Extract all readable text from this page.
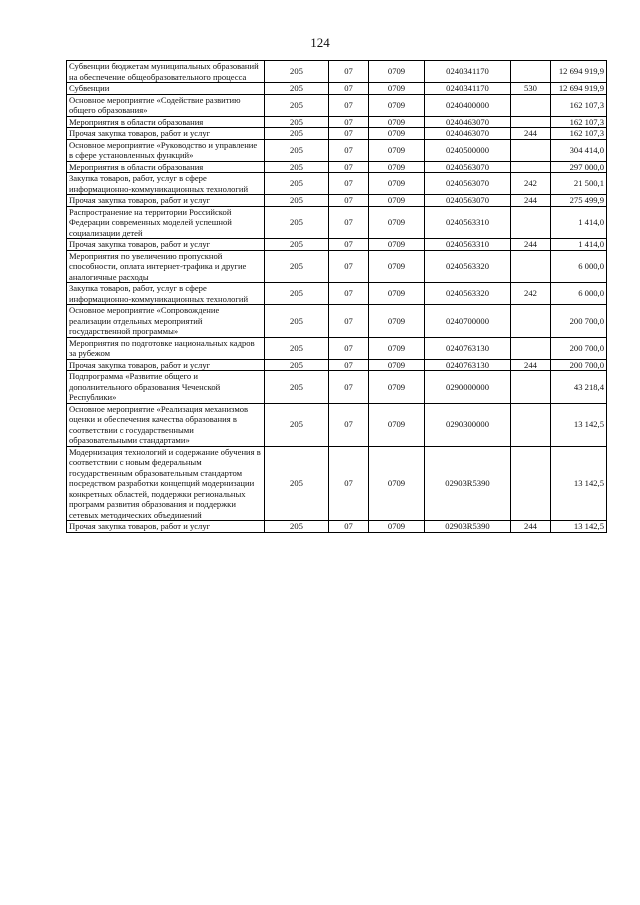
124
Субвенции бюджетам муниципальных образований на обеспечение общеобразовательного процесса	205	07	0709	0240341170		12 694 919,9
Субвенции	205	07	0709	0240341170	530	12 694 919,9
Основное мероприятие «Содействие развитию общего образования»	205	07	0709	0240400000		162 107,3
Мероприятия в области образования	205	07	0709	0240463070		162 107,3
Прочая закупка товаров, работ и услуг	205	07	0709	0240463070	244	162 107,3
Основное мероприятие «Руководство и управление в сфере установленных функций»	205	07	0709	0240500000		304 414,0
Мероприятия в области образования	205	07	0709	0240563070		297 000,0
Закупка товаров, работ, услуг в сфере информационно-коммуникационных технологий	205	07	0709	0240563070	242	21 500,1
Прочая закупка товаров, работ и услуг	205	07	0709	0240563070	244	275 499,9
Распространение на территории Российской Федерации современных моделей успешной социализации детей	205	07	0709	0240563310		1 414,0
Прочая закупка товаров, работ и услуг	205	07	0709	0240563310	244	1 414,0
Мероприятия по увеличению пропускной способности, оплата интернет-трафика и другие аналогичные расходы	205	07	0709	0240563320		6 000,0
Закупка товаров, работ, услуг в сфере информационно-коммуникационных технологий	205	07	0709	0240563320	242	6 000,0
Основное мероприятие «Сопровождение реализации отдельных мероприятий государственной программы»	205	07	0709	0240700000		200 700,0
Мероприятия по подготовке национальных кадров за рубежом	205	07	0709	0240763130		200 700,0
Прочая закупка товаров, работ и услуг	205	07	0709	0240763130	244	200 700,0
Подпрограмма «Развитие общего и дополнительного образования Чеченской Республики»	205	07	0709	0290000000		43 218,4
Основное мероприятие «Реализация механизмов оценки и обеспечения качества образования в соответствии с государственными образовательными стандартами»	205	07	0709	0290300000		13 142,5
Модернизация технологий и содержание обучения в соответствии с новым федеральным государственным образовательным стандартом посредством разработки концепций модернизации конкретных областей, поддержки региональных программ развития образования и поддержки сетевых методических объединений	205	07	0709	02903R5390		13 142,5
Прочая закупка товаров, работ и услуг	205	07	0709	02903R5390	244	13 142,5
